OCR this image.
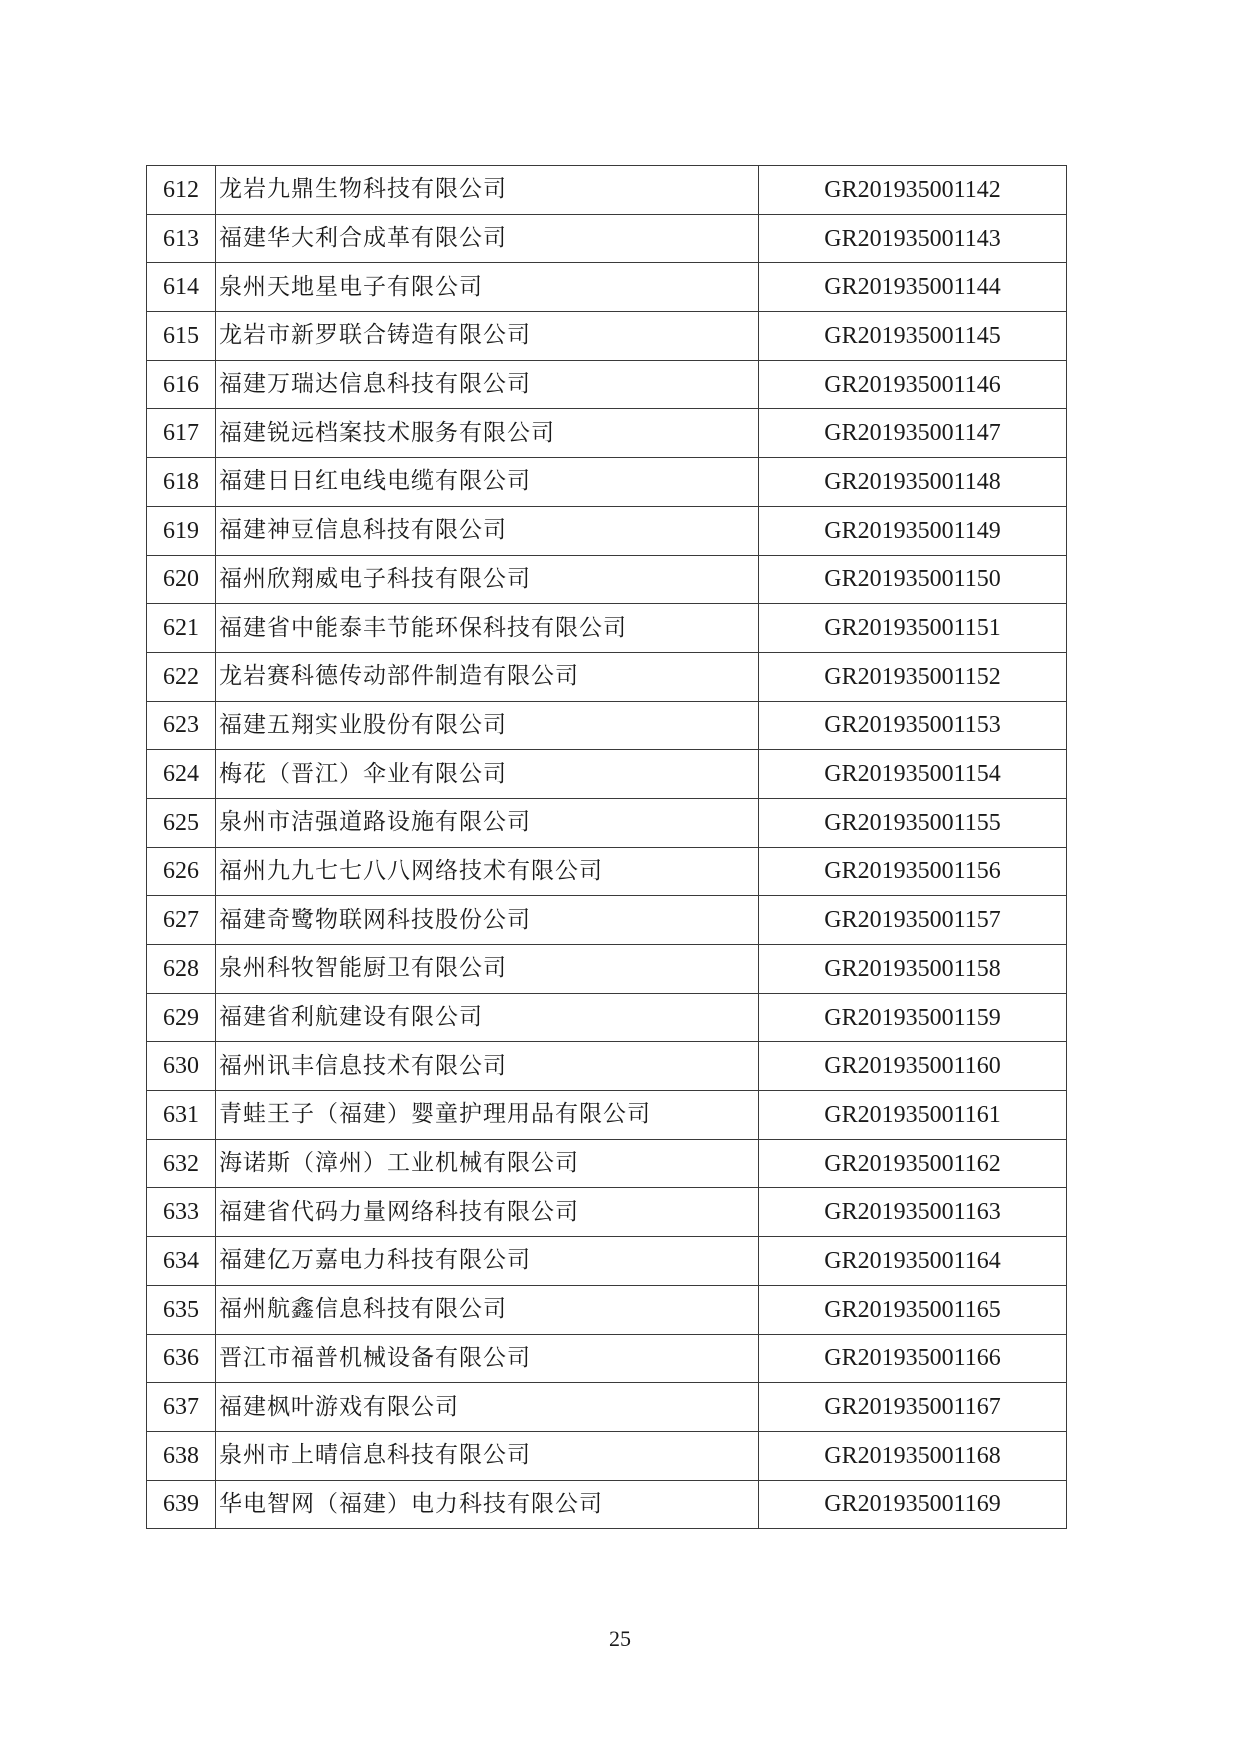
612	龙岩九鼎生物科技有限公司	GR201935001142
613	福建华大利合成革有限公司	GR201935001143
614	泉州天地星电子有限公司	GR201935001144
615	龙岩市新罗联合铸造有限公司	GR201935001145
616	福建万瑞达信息科技有限公司	GR201935001146
617	福建锐远档案技术服务有限公司	GR201935001147
618	福建日日红电线电缆有限公司	GR201935001148
619	福建神豆信息科技有限公司	GR201935001149
620	福州欣翔威电子科技有限公司	GR201935001150
621	福建省中能泰丰节能环保科技有限公司	GR201935001151
622	龙岩赛科德传动部件制造有限公司	GR201935001152
623	福建五翔实业股份有限公司	GR201935001153
624	梅花（晋江）伞业有限公司	GR201935001154
625	泉州市洁强道路设施有限公司	GR201935001155
626	福州九九七七八八网络技术有限公司	GR201935001156
627	福建奇鹭物联网科技股份公司	GR201935001157
628	泉州科牧智能厨卫有限公司	GR201935001158
629	福建省利航建设有限公司	GR201935001159
630	福州讯丰信息技术有限公司	GR201935001160
631	青蛙王子（福建）婴童护理用品有限公司	GR201935001161
632	海诺斯（漳州）工业机械有限公司	GR201935001162
633	福建省代码力量网络科技有限公司	GR201935001163
634	福建亿万嘉电力科技有限公司	GR201935001164
635	福州航鑫信息科技有限公司	GR201935001165
636	晋江市福普机械设备有限公司	GR201935001166
637	福建枫叶游戏有限公司	GR201935001167
638	泉州市上晴信息科技有限公司	GR201935001168
639	华电智网（福建）电力科技有限公司	GR201935001169
25
